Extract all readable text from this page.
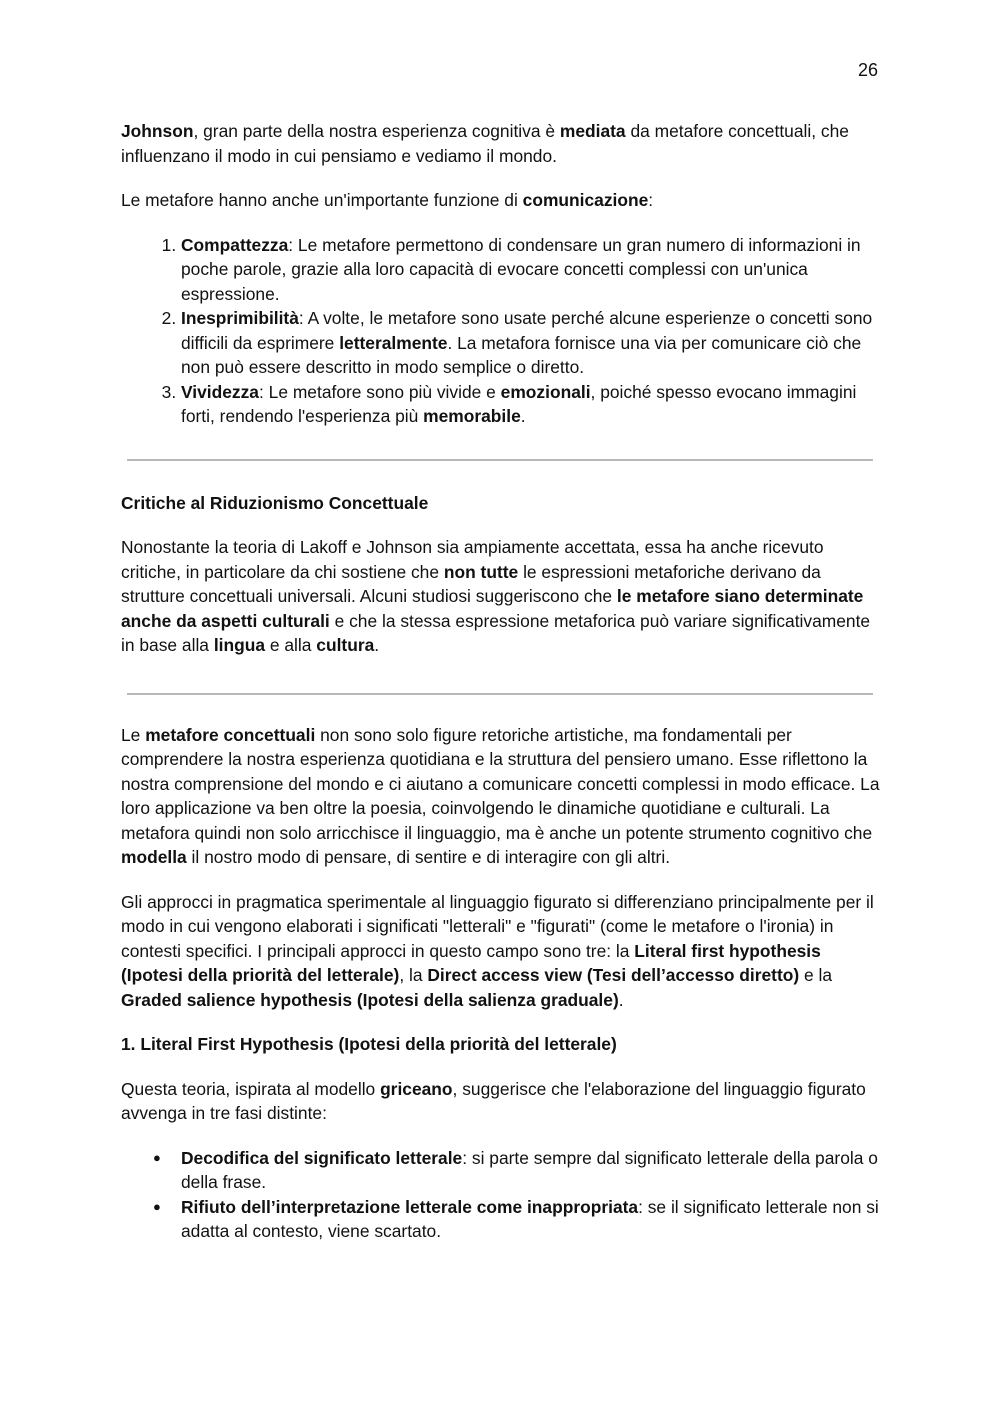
26

Johnson, gran parte della nostra esperienza cognitiva è mediata da metafore concettuali, che influenzano il modo in cui pensiamo e vediamo il mondo.

Le metafore hanno anche un'importante funzione di comunicazione:

1. Compattezza: Le metafore permettono di condensare un gran numero di informazioni in poche parole, grazie alla loro capacità di evocare concetti complessi con un'unica espressione.
2. Inesprimibilità: A volte, le metafore sono usate perché alcune esperienze o concetti sono difficili da esprimere letteralmente. La metafora fornisce una via per comunicare ciò che non può essere descritto in modo semplice o diretto.
3. Vividezza: Le metafore sono più vivide e emozionali, poiché spesso evocano immagini forti, rendendo l'esperienza più memorabile.
Critiche al Riduzionismo Concettuale

Nonostante la teoria di Lakoff e Johnson sia ampiamente accettata, essa ha anche ricevuto critiche, in particolare da chi sostiene che non tutte le espressioni metaforiche derivano da strutture concettuali universali. Alcuni studiosi suggeriscono che le metafore siano determinate anche da aspetti culturali e che la stessa espressione metaforica può variare significativamente in base alla lingua e alla cultura.

Le metafore concettuali non sono solo figure retoriche artistiche, ma fondamentali per comprendere la nostra esperienza quotidiana e la struttura del pensiero umano. Esse riflettono la nostra comprensione del mondo e ci aiutano a comunicare concetti complessi in modo efficace. La loro applicazione va ben oltre la poesia, coinvolgendo le dinamiche quotidiane e culturali. La metafora quindi non solo arricchisce il linguaggio, ma è anche un potente strumento cognitivo che modella il nostro modo di pensare, di sentire e di interagire con gli altri.

Gli approcci in pragmatica sperimentale al linguaggio figurato si differenziano principalmente per il modo in cui vengono elaborati i significati "letterali" e "figurati" (come le metafore o l'ironia) in contesti specifici. I principali approcci in questo campo sono tre: la Literal first hypothesis (Ipotesi della priorità del letterale), la Direct access view (Tesi dell’accesso diretto) e la Graded salience hypothesis (Ipotesi della salienza graduale).

1. Literal First Hypothesis (Ipotesi della priorità del letterale)

Questa teoria, ispirata al modello griceano, suggerisce che l'elaborazione del linguaggio figurato avvenga in tre fasi distinte:

● Decodifica del significato letterale: si parte sempre dal significato letterale della parola o della frase.
● Rifiuto dell’interpretazione letterale come inappropriata: se il significato letterale non si adatta al contesto, viene scartato.
